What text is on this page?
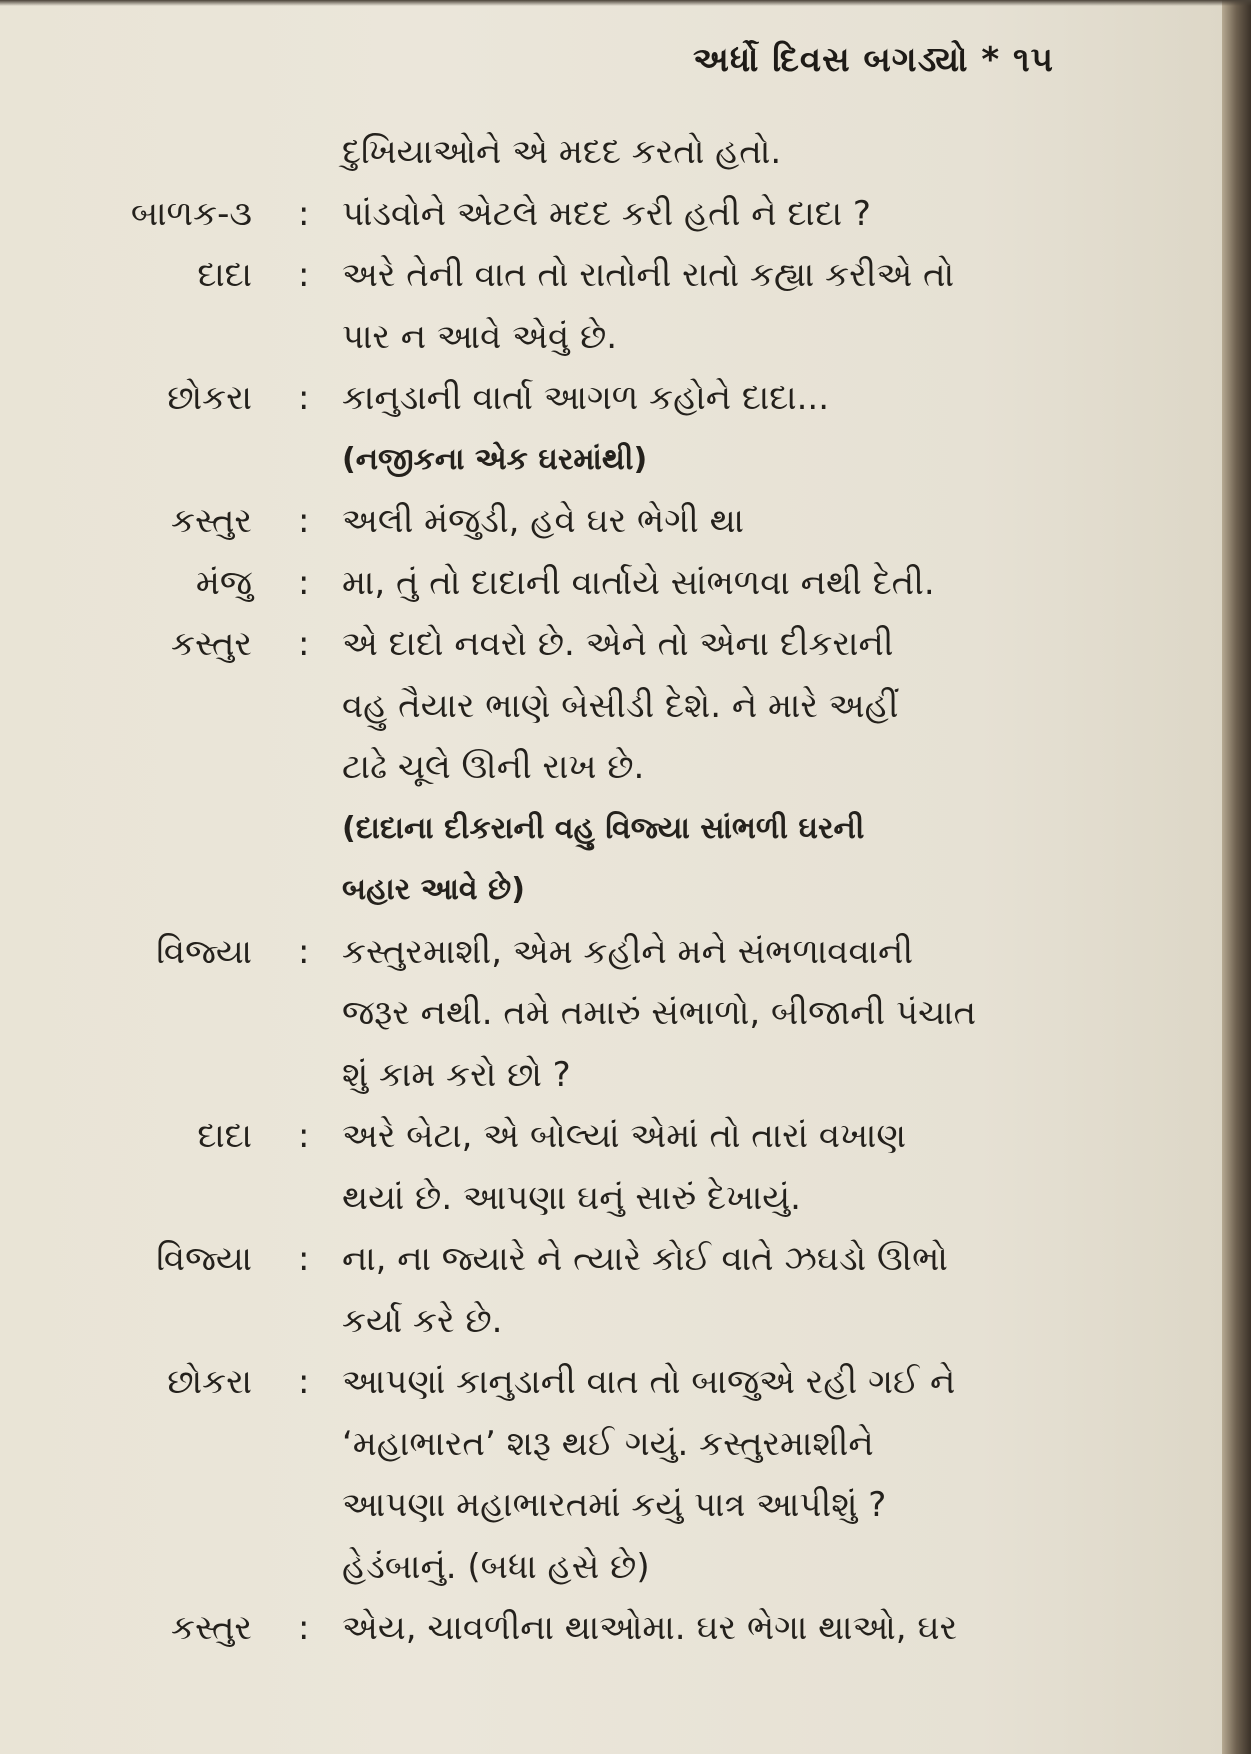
અર્ધો દિવસ બગડ્યો * ૧૫
દુખિયાઓને એ મદદ કરતો હતો.
બાળક-૩ : પાંડવોને એટલે મદદ કરી હતી ને દાદા ?
દાદા : અરે તેની વાત તો રાતોની રાતો કહ્યા કરીએ તો
પાર ન આવે એવું છે.
છોકરા : કાનુડાની વાર્તા આગળ કહોને દાદા...
(નજીકના એક ઘરમાંથી)
કસ્તુર : અલી મંજુડી, હવે ઘર ભેગી થા
મંજુ : મા, તું તો દાદાની વાર્તાયે સાંભળવા નથી દેતી.
કસ્તુર : એ દાદો નવરો છે. એને તો એના દીકરાની
વહુ તૈયાર ભાણે બેસીડી દેશે. ને મારે અહીં
ટાઢે ચૂલે ઊની રાખ છે.
(દાદાના દીકરાની વહુ વિજ્યા સાંભળી ઘરની
બહાર આવે છે)
વિજ્યા : કસ્તુરમાશી, એમ કહીને મને સંભળાવવાની
જરૂર નથી. તમે તમારું સંભાળો, બીજાની પંચાત
શું કામ કરો છો ?
દાદા : અરે બેટા, એ બોલ્યાં એમાં તો તારાં વખાણ
થયાં છે. આપણા ઘનું સારું દેખાયું.
વિજ્યા : ના, ના જ્યારે ને ત્યારે કોઈ વાતે ઝઘડો ઊભો
કર્યા કરે છે.
છોકરા : આપણાં કાનુડાની વાત તો બાજુએ રહી ગઈ ને
‘મહાભારત’ શરૂ થઈ ગયું. કસ્તુરમાશીને
આપણા મહાભારતમાં કયું પાત્ર આપીશું ?
હેડંબાનું. (બધા હસે છે)
કસ્તુર : એય, ચાવળીના થાઓમા. ઘર ભેગા થાઓ, ઘર
